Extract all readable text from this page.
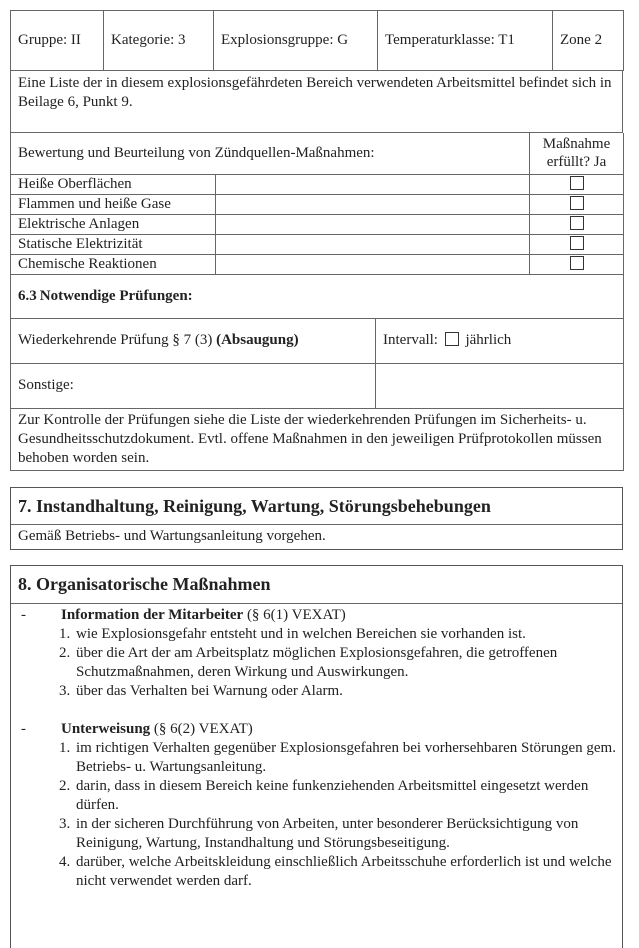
Gruppe: II	Kategorie: 3	Explosionsgruppe: G	Temperaturklasse: T1	Zone 2
Eine Liste der in diesem explosionsgefährdeten Bereich verwendeten Arbeitsmittel befindet sich in Beilage 6, Punkt 9.
Bewertung und Beurteilung von Zündquellen-Maßnahmen:		Maßnahme
erfüllt? Ja

Heiße Oberflächen		
Flammen und heiße Gase		
Elektrische Anlagen		
Statische Elektrizität		
Chemische Reaktionen		
6.3 Notwendige Prüfungen:	
Wiederkehrende Prüfung § 7 (3) (Absaugung)	Intervall: jährlich
Sonstige:	
Zur Kontrolle der Prüfungen siehe die Liste der wiederkehrenden Prüfungen im Sicherheits- u. Gesundheitsschutzdokument. Evtl. offene Maßnahmen in den jeweiligen Prüfprotokollen müssen behoben worden sein.	
7. Instandhaltung, Reinigung, Wartung, Störungsbehebungen
Gemäß Betriebs- und Wartungsanleitung vorgehen.
8. Organisatorische Maßnahmen
- Information der Mitarbeiter (§ 6(1) VEXAT)
1. wie Explosionsgefahr entsteht und in welchen Bereichen sie vorhanden ist.
2. über die Art der am Arbeitsplatz möglichen Explosionsgefahren, die getroffenen Schutzmaßnahmen, deren Wirkung und Auswirkungen.
3. über das Verhalten bei Warnung oder Alarm.
- Unterweisung (§ 6(2) VEXAT)
1. im richtigen Verhalten gegenüber Explosionsgefahren bei vorhersehbaren Störungen gem. Betriebs- u. Wartungsanleitung.
2. darin, dass in diesem Bereich keine funkenziehenden Arbeitsmittel eingesetzt werden dürfen.
3. in der sicheren Durchführung von Arbeiten, unter besonderer Berücksichtigung von Reinigung, Wartung, Instandhaltung und Störungsbeseitigung.
4. darüber, welche Arbeitskleidung einschließlich Arbeitsschuhe erforderlich ist und welche nicht verwendet werden darf.
